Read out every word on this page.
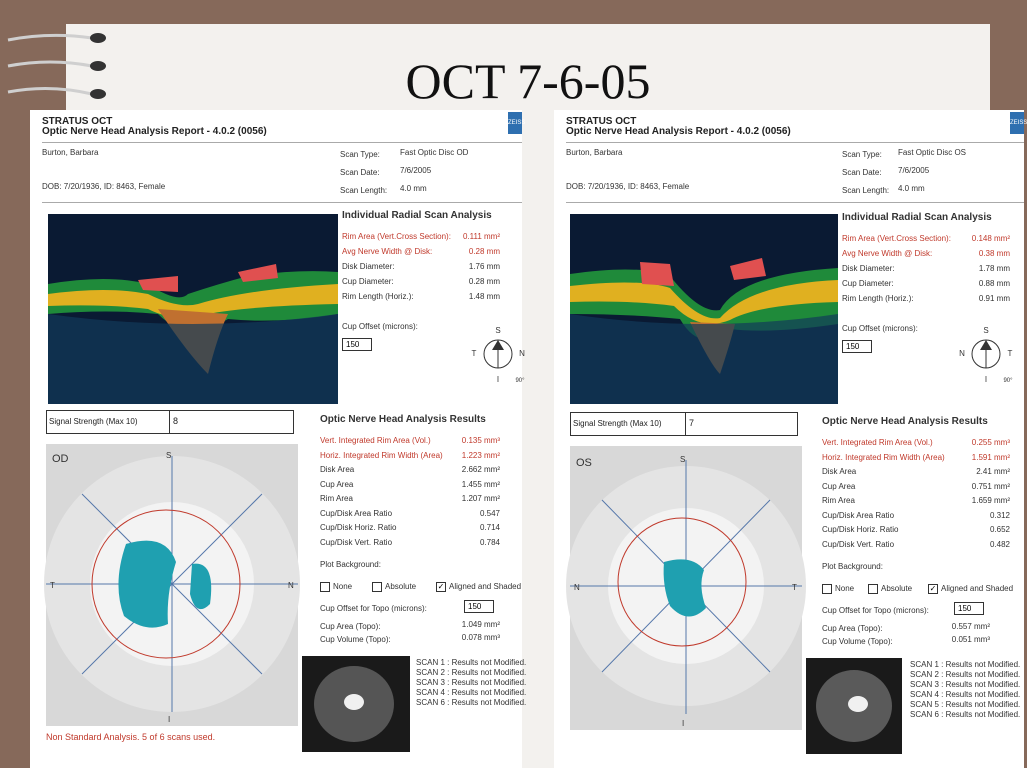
OCT 7-6-05
STRATUS OCT
Optic Nerve Head Analysis Report - 4.0.2 (0056)
ZEISS
Burton, Barbara
DOB: 7/20/1936, ID: 8463, Female
Scan Type:	Fast Optic Disc OD
Scan Date:	7/6/2005
Scan Length: 4.0 mm
Individual Radial Scan Analysis
Cup Offset (microns):
150
S
T	N
I	90°
Signal Strength (Max 10)	8	Optic Nerve Head Analysis Results
Plot Background:
None	Absolute	✓ Aligned and Shaded
Cup Offset for Topo (microns):	150
Cup Area (Topo):	1.049 mm²
Cup Volume (Topo):	0.078 mm³
OD	S
T	N
I
SCAN 1 : Results not Modified.
SCAN 2 : Results not Modified.
SCAN 3 : Results not Modified.
SCAN 4 : Results not Modified.
SCAN 6 : Results not Modified.
Non Standard Analysis. 5 of 6 scans used.
Rim Area (Vert.Cross Section):	0.111 mm²
Avg Nerve Width @ Disk:	0.28 mm
Disk Diameter:	1.76 mm
Cup Diameter:	0.28 mm
Rim Length (Horiz.):	1.48 mm
Vert. Integrated Rim Area (Vol.)	0.135 mm³
Horiz. Integrated Rim Width (Area)	1.223 mm²
Disk Area	2.662 mm²
Cup Area	1.455 mm²
Rim Area	1.207 mm²
Cup/Disk Area Ratio	0.547
Cup/Disk Horiz. Ratio	0.714
Cup/Disk Vert. Ratio	0.784
STRATUS OCT
Optic Nerve Head Analysis Report - 4.0.2 (0056)
ZEISS
Burton, Barbara
DOB: 7/20/1936, ID: 8463, Female
Scan Type: Fast Optic Disc OS
Scan Date: 7/6/2005
Scan Length: 4.0 mm
Individual Radial Scan Analysis
Cup Offset (microns):
150
S
N	T
I	90°
Signal Strength (Max 10)	7	Optic Nerve Head Analysis Results
Plot Background:
None	Absolute ✓ Aligned and Shaded
Cup Offset for Topo (microns):	150
Cup Area (Topo):	0.557 mm²
Cup Volume (Topo):	0.051 mm³
OS	S
N	T
I
SCAN 1 : Results not Modified.
SCAN 2 : Results not Modified.
SCAN 3 : Results not Modified.
SCAN 4 : Results not Modified.
SCAN 5 : Results not Modified.
SCAN 6 : Results not Modified.
Rim Area (Vert.Cross Section):	0.148 mm²
Avg Nerve Width @ Disk:	0.38 mm
Disk Diameter:	1.78 mm
Cup Diameter:	0.88 mm
Rim Length (Horiz.):	0.91 mm
Vert. Integrated Rim Area (Vol.)	0.255 mm³
Horiz. Integrated Rim Width (Area)	1.591 mm²
Disk Area	2.41 mm²
Cup Area	0.751 mm²
Rim Area	1.659 mm²
Cup/Disk Area Ratio	0.312
Cup/Disk Horiz. Ratio	0.652
Cup/Disk Vert. Ratio	0.482
